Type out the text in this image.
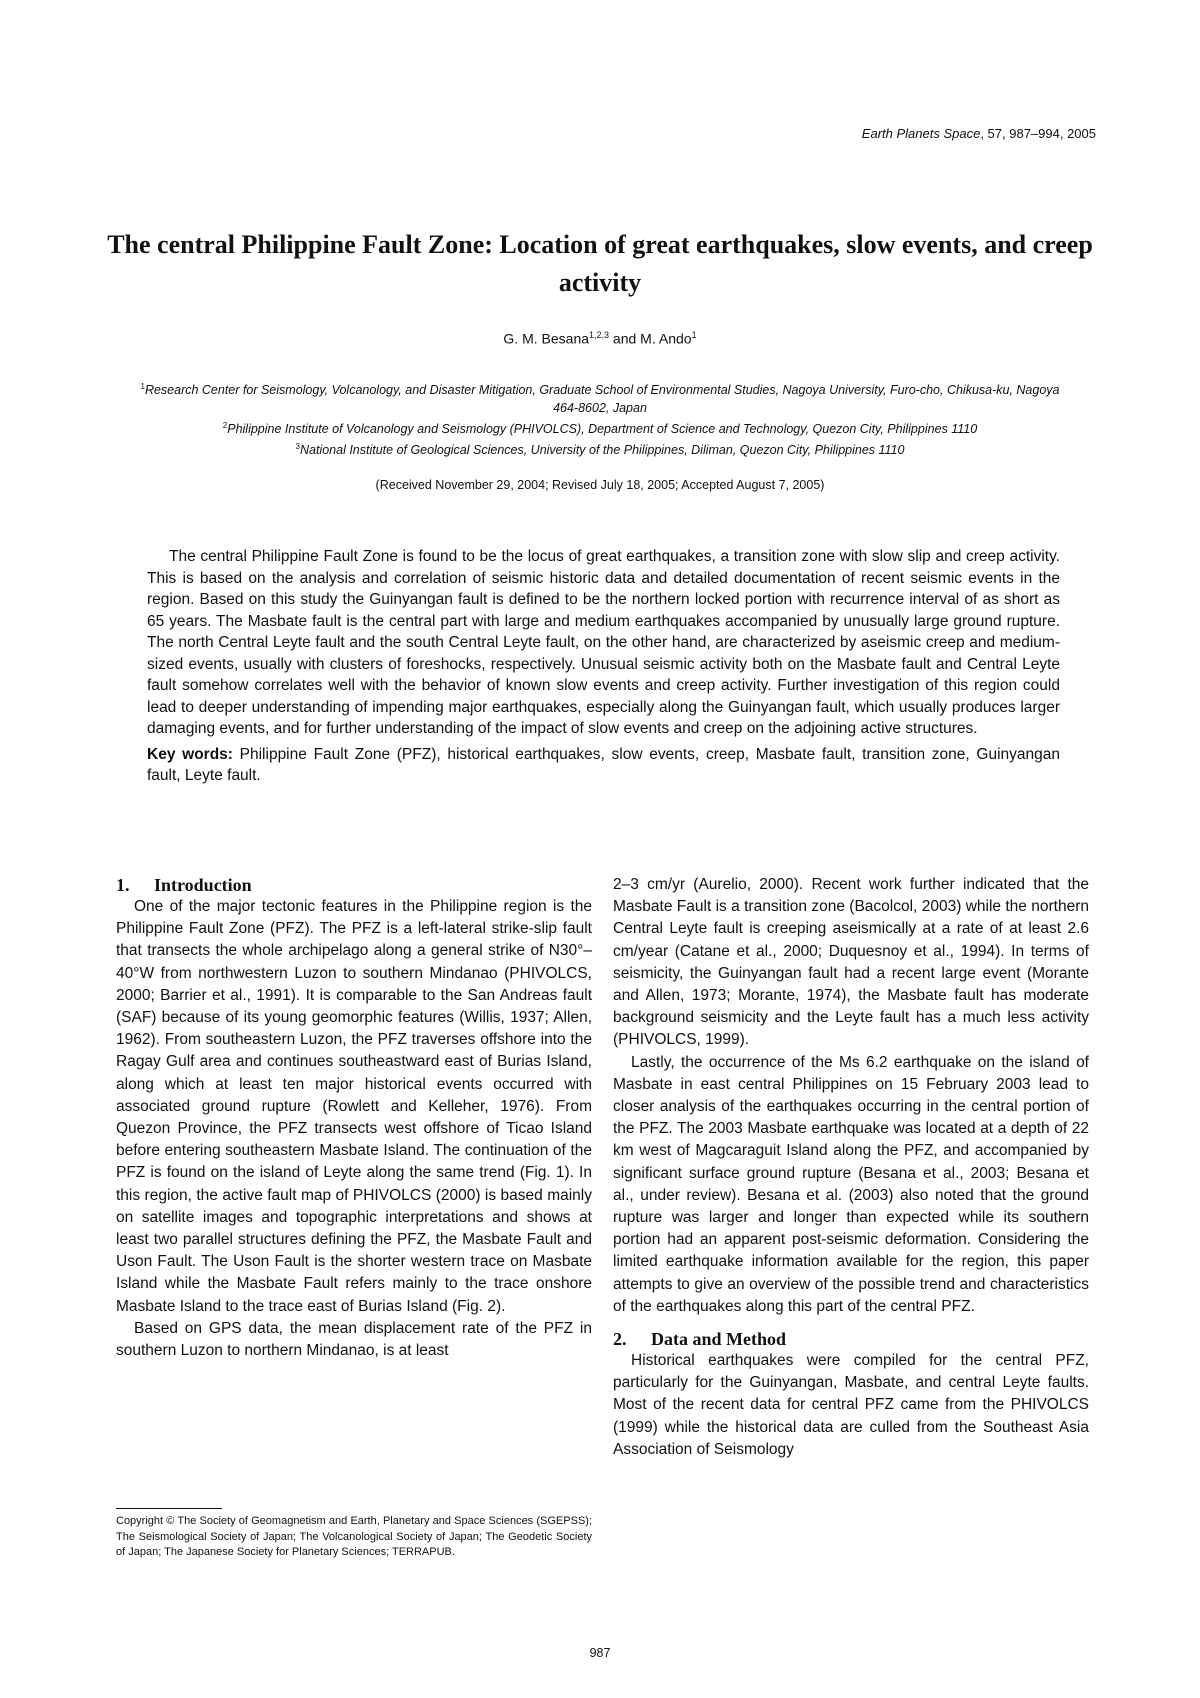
Earth Planets Space, 57, 987–994, 2005
The central Philippine Fault Zone: Location of great earthquakes, slow events, and creep activity
G. M. Besana$^{1,2,3}$ and M. Ando$^1$
$^1$Research Center for Seismology, Volcanology, and Disaster Mitigation, Graduate School of Environmental Studies, Nagoya University, Furo-cho, Chikusa-ku, Nagoya 464-8602, Japan
$^2$Philippine Institute of Volcanology and Seismology (PHIVOLCS), Department of Science and Technology, Quezon City, Philippines 1110
$^3$National Institute of Geological Sciences, University of the Philippines, Diliman, Quezon City, Philippines 1110
(Received November 29, 2004; Revised July 18, 2005; Accepted August 7, 2005)

The central Philippine Fault Zone is found to be the locus of great earthquakes, a transition zone with slow slip and creep activity. This is based on the analysis and correlation of seismic historic data and detailed documentation of recent seismic events in the region. Based on this study the Guinyangan fault is defined to be the northern locked portion with recurrence interval of as short as 65 years. The Masbate fault is the central part with large and medium earthquakes accompanied by unusually large ground rupture. The north Central Leyte fault and the south Central Leyte fault, on the other hand, are characterized by aseismic creep and medium-sized events, usually with clusters of foreshocks, respectively. Unusual seismic activity both on the Masbate fault and Central Leyte fault somehow correlates well with the behavior of known slow events and creep activity. Further investigation of this region could lead to deeper understanding of impending major earthquakes, especially along the Guinyangan fault, which usually produces larger damaging events, and for further understanding of the impact of slow events and creep on the adjoining active structures.

Key words: Philippine Fault Zone (PFZ), historical earthquakes, slow events, creep, Masbate fault, transition zone, Guinyangan fault, Leyte fault.
1. Introduction

One of the major tectonic features in the Philippine region is the Philippine Fault Zone (PFZ). The PFZ is a left-lateral strike-slip fault that transects the whole archipelago along a general strike of N30°–40°W from northwestern Luzon to southern Mindanao (PHIVOLCS, 2000; Barrier et al., 1991). It is comparable to the San Andreas fault (SAF) because of its young geomorphic features (Willis, 1937; Allen, 1962). From southeastern Luzon, the PFZ traverses offshore into the Ragay Gulf area and continues southeastward east of Burias Island, along which at least ten major historical events occurred with associated ground rupture (Rowlett and Kelleher, 1976). From Quezon Province, the PFZ transects west offshore of Ticao Island before entering southeastern Masbate Island. The continuation of the PFZ is found on the island of Leyte along the same trend (Fig. 1). In this region, the active fault map of PHIVOLCS (2000) is based mainly on satellite images and topographic interpretations and shows at least two parallel structures defining the PFZ, the Masbate Fault and Uson Fault. The Uson Fault is the shorter western trace on Masbate Island while the Masbate Fault refers mainly to the trace onshore Masbate Island to the trace east of Burias Island (Fig. 2).

Based on GPS data, the mean displacement rate of the PFZ in southern Luzon to northern Mindanao, is at least

2–3 cm/yr (Aurelio, 2000). Recent work further indicated that the Masbate Fault is a transition zone (Bacolcol, 2003) while the northern Central Leyte fault is creeping aseismically at a rate of at least 2.6 cm/year (Catane et al., 2000; Duquesnoy et al., 1994). In terms of seismicity, the Guinyangan fault had a recent large event (Morante and Allen, 1973; Morante, 1974), the Masbate fault has moderate background seismicity and the Leyte fault has a much less activity (PHIVOLCS, 1999).

Lastly, the occurrence of the Ms 6.2 earthquake on the island of Masbate in east central Philippines on 15 February 2003 lead to closer analysis of the earthquakes occurring in the central portion of the PFZ. The 2003 Masbate earthquake was located at a depth of 22 km west of Magcaraguit Island along the PFZ, and accompanied by significant surface ground rupture (Besana et al., 2003; Besana et al., under review). Besana et al. (2003) also noted that the ground rupture was larger and longer than expected while its southern portion had an apparent post-seismic deformation. Considering the limited earthquake information available for the region, this paper attempts to give an overview of the possible trend and characteristics of the earthquakes along this part of the central PFZ.

2. Data and Method

Historical earthquakes were compiled for the central PFZ, particularly for the Guinyangan, Masbate, and central Leyte faults. Most of the recent data for central PFZ came from the PHIVOLCS (1999) while the historical data are culled from the Southeast Asia Association of Seismology

Copyright © The Society of Geomagnetism and Earth, Planetary and Space Sciences (SGEPSS); The Seismological Society of Japan; The Volcanological Society of Japan; The Geodetic Society of Japan; The Japanese Society for Planetary Sciences; TERRAPUB.
987
